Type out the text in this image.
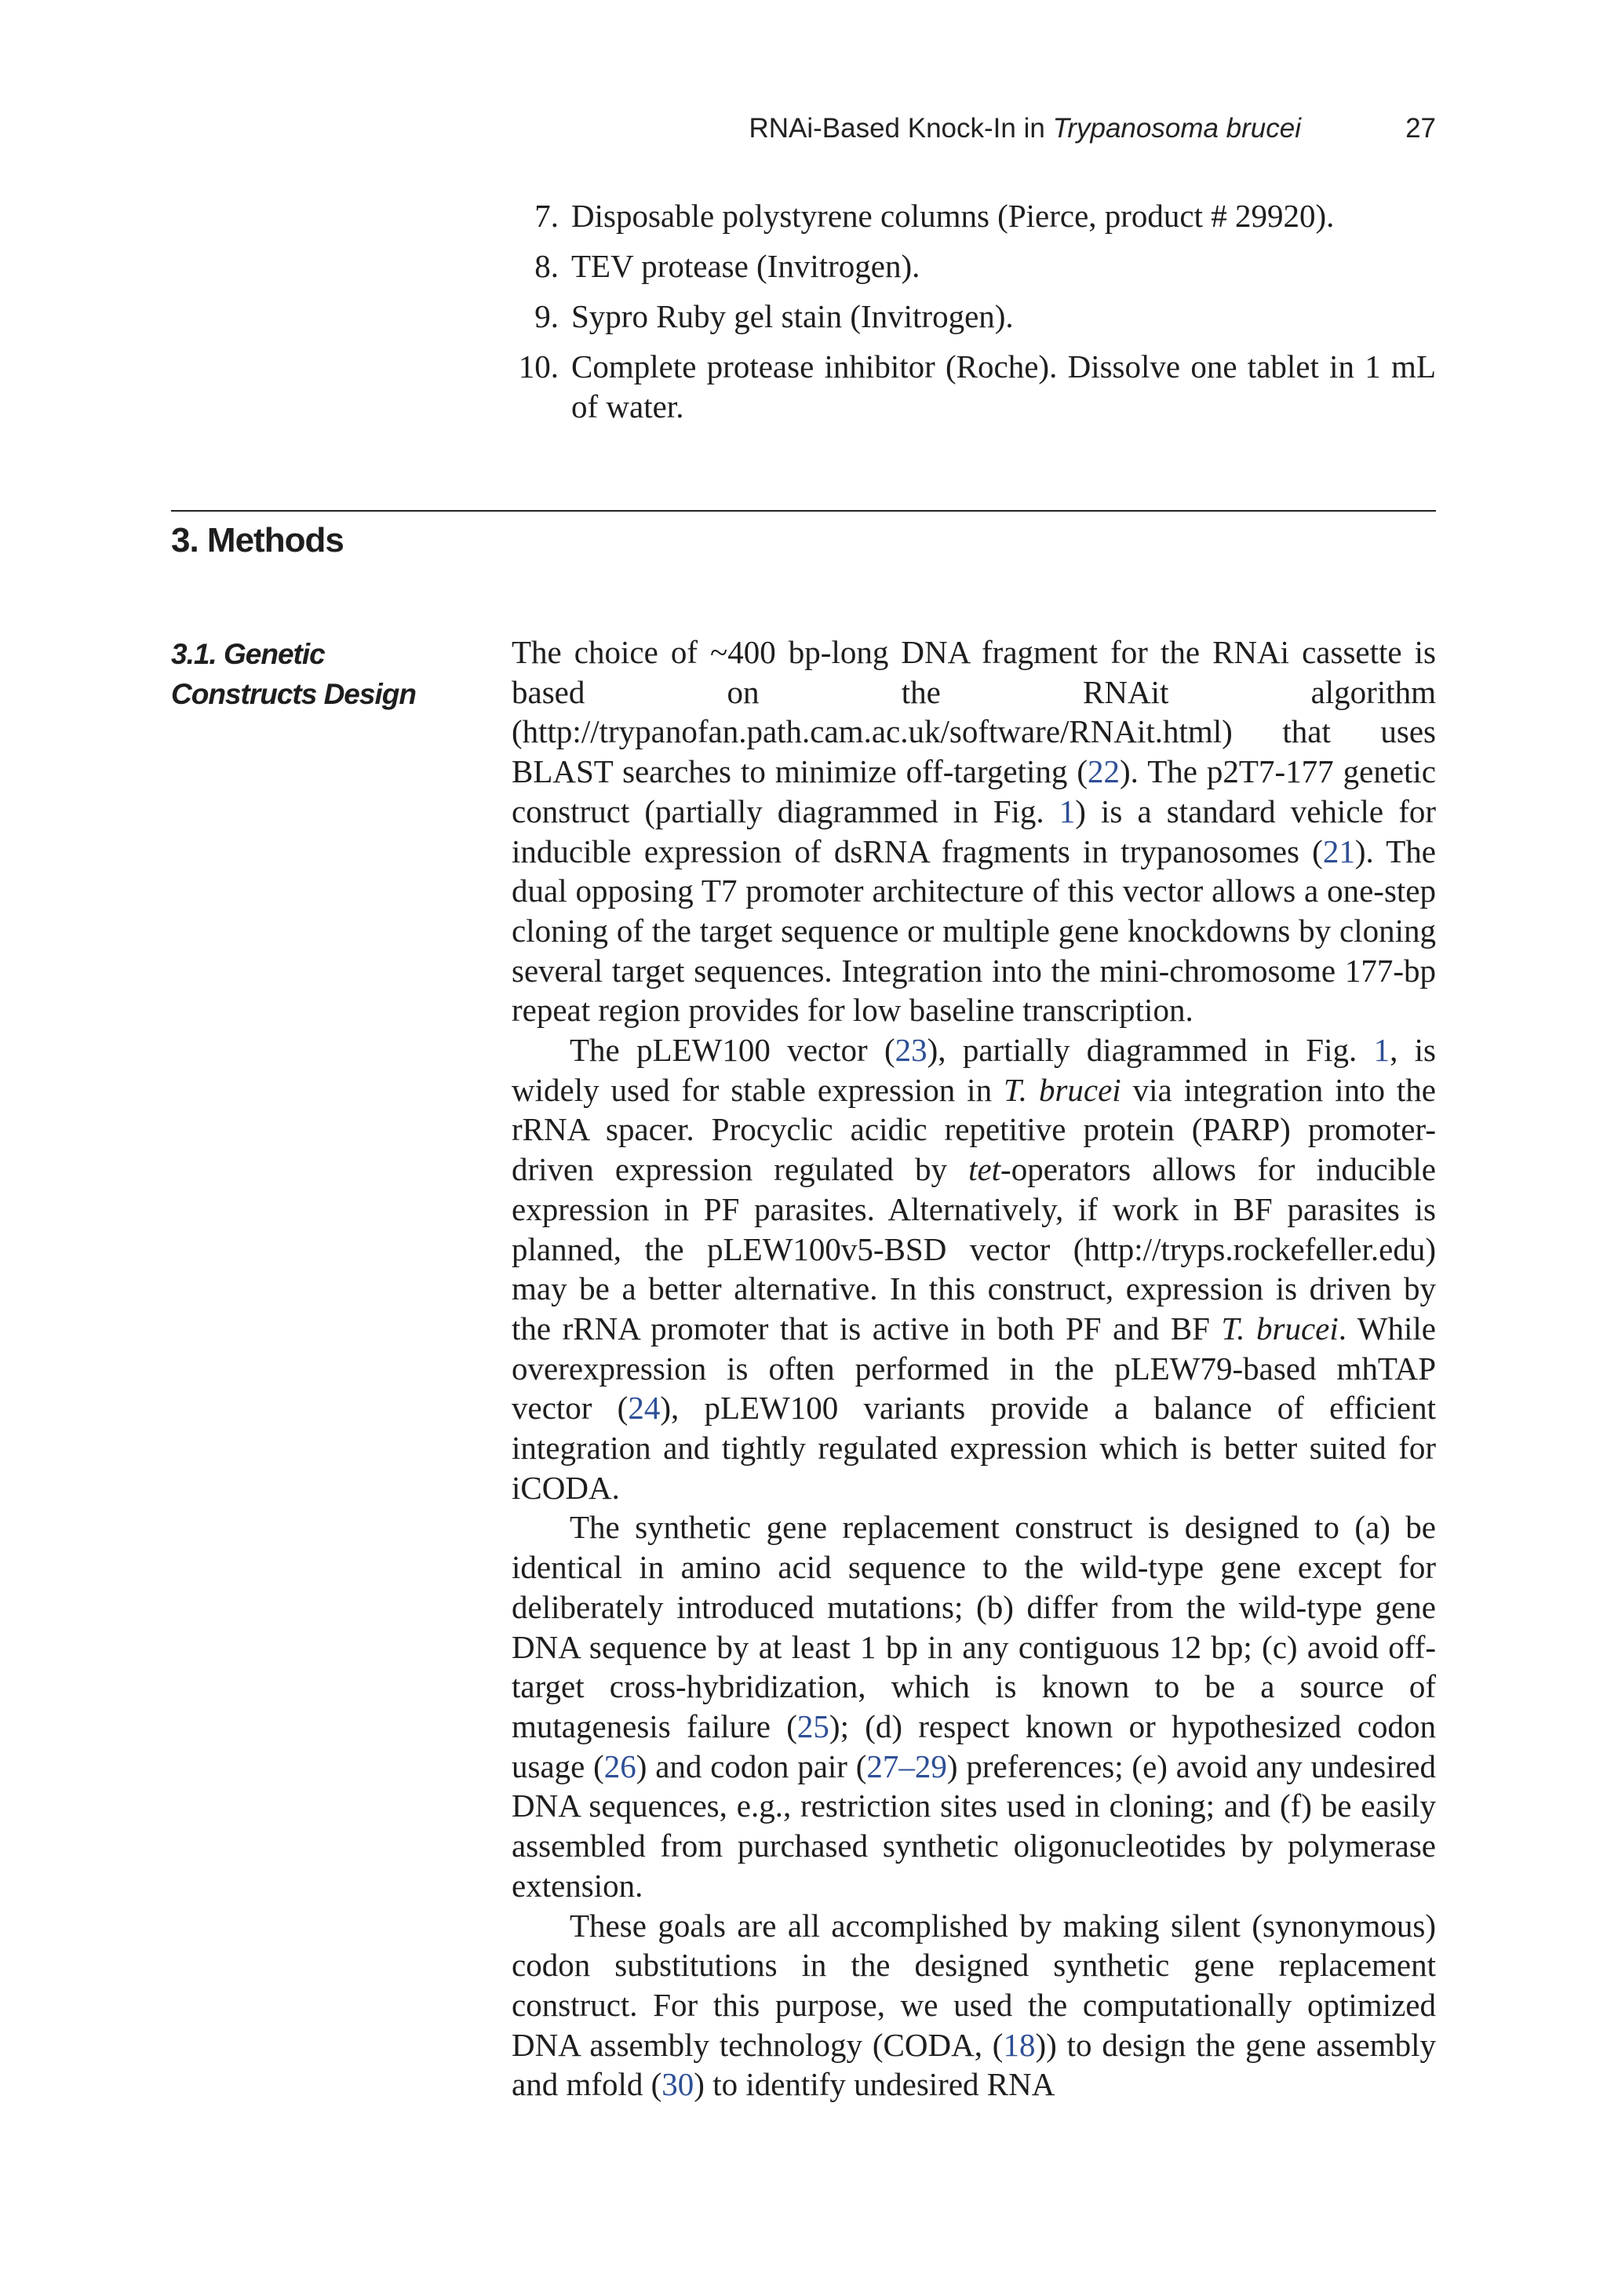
RNAi-Based Knock-In in Trypanosoma brucei	27
7. Disposable polystyrene columns (Pierce, product # 29920).
8. TEV protease (Invitrogen).
9. Sypro Ruby gel stain (Invitrogen).
10. Complete protease inhibitor (Roche). Dissolve one tablet in 1 mL of water.
3. Methods
3.1. Genetic
Constructs Design

The choice of ~400 bp-long DNA fragment for the RNAi cassette is based on the RNAit algorithm (http://trypanofan.path.cam.ac.uk/software/RNAit.html) that uses BLAST searches to minimize off-targeting (22). The p2T7-177 genetic construct (partially diagrammed in Fig. 1) is a standard vehicle for inducible expression of dsRNA fragments in trypanosomes (21). The dual opposing T7 promoter architecture of this vector allows a one-step cloning of the target sequence or multiple gene knockdowns by cloning several target sequences. Integration into the mini-chromosome 177-bp repeat region provides for low baseline transcription.

The pLEW100 vector (23), partially diagrammed in Fig. 1, is widely used for stable expression in T. brucei via integration into the rRNA spacer. Procyclic acidic repetitive protein (PARP) promoter-driven expression regulated by tet-operators allows for inducible expression in PF parasites. Alternatively, if work in BF parasites is planned, the pLEW100v5-BSD vector (http://tryps.rockefeller.edu) may be a better alternative. In this construct, expression is driven by the rRNA promoter that is active in both PF and BF T. brucei. While overexpression is often performed in the pLEW79-based mhTAP vector (24), pLEW100 variants provide a balance of efficient integration and tightly regulated expression which is better suited for iCODA.

The synthetic gene replacement construct is designed to (a) be identical in amino acid sequence to the wild-type gene except for deliberately introduced mutations; (b) differ from the wild-type gene DNA sequence by at least 1 bp in any contiguous 12 bp; (c) avoid off-target cross-hybridization, which is known to be a source of mutagenesis failure (25); (d) respect known or hypothesized codon usage (26) and codon pair (27–29) preferences; (e) avoid any undesired DNA sequences, e.g., restriction sites used in cloning; and (f) be easily assembled from purchased synthetic oligonucleotides by polymerase extension.

These goals are all accomplished by making silent (synonymous) codon substitutions in the designed synthetic gene replacement construct. For this purpose, we used the computationally optimized DNA assembly technology (CODA, (18)) to design the gene assembly and mfold (30) to identify undesired RNA
